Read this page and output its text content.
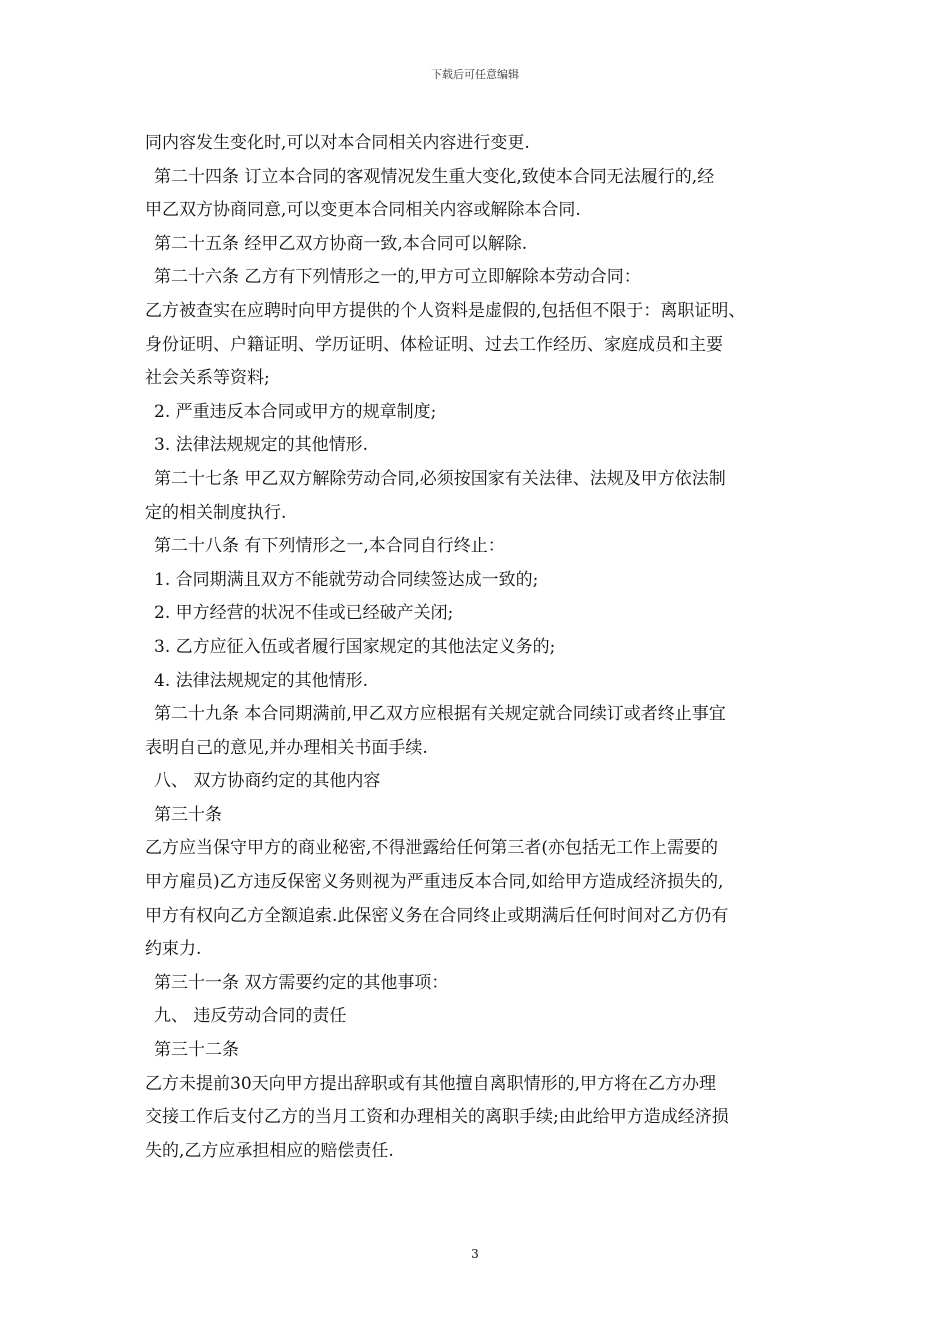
下载后可任意编辑
同内容发生变化时,可以对本合同相关内容进行变更.
第二十四条 订立本合同的客观情况发生重大变化,致使本合同无法履行的,经
甲乙双方协商同意,可以变更本合同相关内容或解除本合同.
第二十五条 经甲乙双方协商一致,本合同可以解除.
第二十六条 乙方有下列情形之一的,甲方可立即解除本劳动合同：
乙方被查实在应聘时向甲方提供的个人资料是虚假的,包括但不限于：离职证明、
身份证明、户籍证明、学历证明、体检证明、过去工作经历、家庭成员和主要
社会关系等资料;
2. 严重违反本合同或甲方的规章制度;
3. 法律法规规定的其他情形.
第二十七条 甲乙双方解除劳动合同,必须按国家有关法律、法规及甲方依法制
定的相关制度执行.
第二十八条 有下列情形之一,本合同自行终止：
1. 合同期满且双方不能就劳动合同续签达成一致的;
2. 甲方经营的状况不佳或已经破产关闭;
3. 乙方应征入伍或者履行国家规定的其他法定义务的;
4. 法律法规规定的其他情形.
第二十九条 本合同期满前,甲乙双方应根据有关规定就合同续订或者终止事宜
表明自己的意见,并办理相关书面手续.
八、 双方协商约定的其他内容
第三十条
乙方应当保守甲方的商业秘密,不得泄露给任何第三者(亦包括无工作上需要的
甲方雇员)乙方违反保密义务则视为严重违反本合同,如给甲方造成经济损失的,
甲方有权向乙方全额追索.此保密义务在合同终止或期满后任何时间对乙方仍有
约束力.
第三十一条 双方需要约定的其他事项：
九、 违反劳动合同的责任
第三十二条
乙方未提前30天向甲方提出辞职或有其他擅自离职情形的,甲方将在乙方办理
交接工作后支付乙方的当月工资和办理相关的离职手续;由此给甲方造成经济损
失的,乙方应承担相应的赔偿责任.
3
